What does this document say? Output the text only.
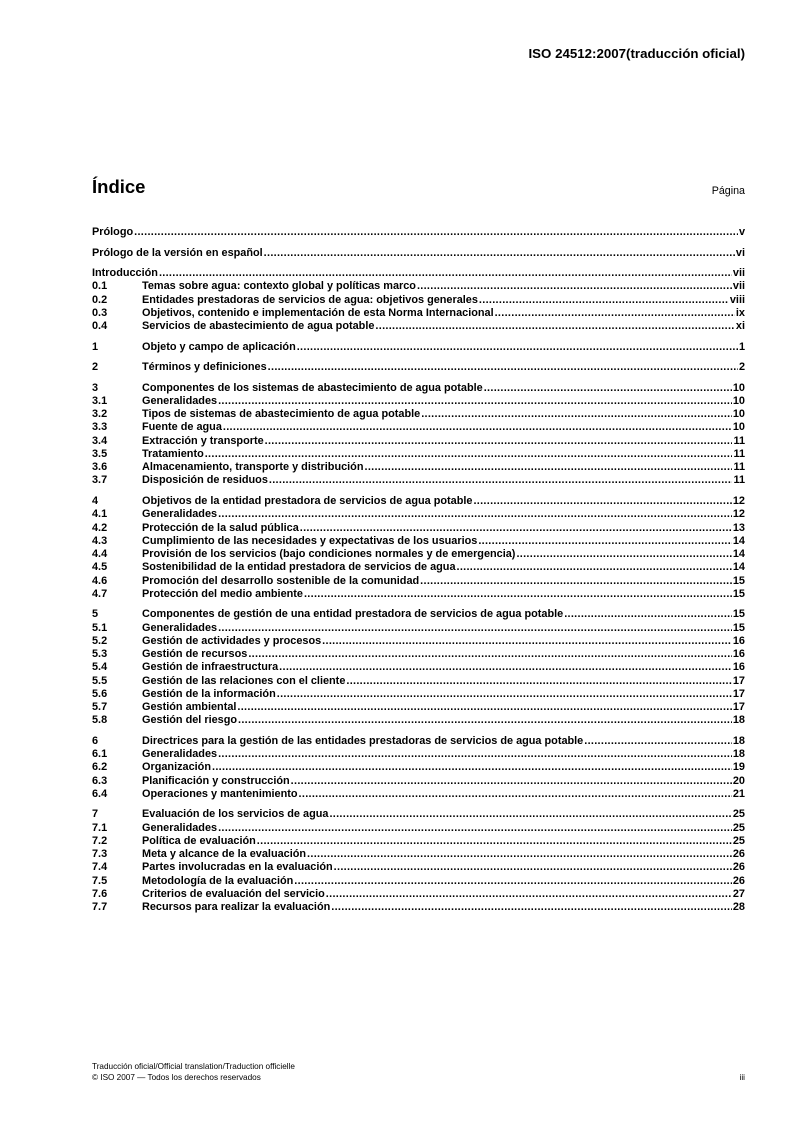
ISO 24512:2007(traducción oficial)
Índice	Página
Prólogo .....	v
Prólogo de la versión en español .....	vi
Introducción .....	vii
0.1	Temas sobre agua: contexto global y políticas marco .....	vii
0.2	Entidades prestadoras de servicios de agua: objetivos generales .....	viii
0.3	Objetivos, contenido e implementación de esta Norma Internacional .....	ix
0.4	Servicios de abastecimiento de agua potable .....	xi
1	Objeto y campo de aplicación .....	1
2	Términos y definiciones .....	2
3	Componentes de los sistemas de abastecimiento de agua potable .....	10
3.1	Generalidades .....	10
3.2	Tipos de sistemas de abastecimiento de agua potable .....	10
3.3	Fuente de agua .....	10
3.4	Extracción y transporte .....	11
3.5	Tratamiento .....	11
3.6	Almacenamiento, transporte y distribución .....	11
3.7	Disposición de residuos .....	11
4	Objetivos de la entidad prestadora de servicios de agua potable .....	12
4.1	Generalidades .....	12
4.2	Protección de la salud pública .....	13
4.3	Cumplimiento de las necesidades y expectativas de los usuarios .....	14
4.4	Provisión de los servicios (bajo condiciones normales y de emergencia) .....	14
4.5	Sostenibilidad de la entidad prestadora de servicios de agua .....	14
4.6	Promoción del desarrollo sostenible de la comunidad .....	15
4.7	Protección del medio ambiente .....	15
5	Componentes de gestión de una entidad prestadora de servicios de agua potable .....	15
5.1	Generalidades .....	15
5.2	Gestión de actividades y procesos .....	16
5.3	Gestión de recursos .....	16
5.4	Gestión de infraestructura .....	16
5.5	Gestión de las relaciones con el cliente .....	17
5.6	Gestión de la información .....	17
5.7	Gestión ambiental .....	17
5.8	Gestión del riesgo .....	18
6	Directrices para la gestión de las entidades prestadoras de servicios de agua potable .....	18
6.1	Generalidades .....	18
6.2	Organización .....	19
6.3	Planificación y construcción .....	20
6.4	Operaciones y mantenimiento .....	21
7	Evaluación de los servicios de agua .....	25
7.1	Generalidades .....	25
7.2	Política de evaluación .....	25
7.3	Meta y alcance de la evaluación .....	26
7.4	Partes involucradas en la evaluación .....	26
7.5	Metodología de la evaluación .....	26
7.6	Criterios de evaluación del servicio .....	27
7.7	Recursos para realizar la evaluación .....	28
Traducción oficial/Official translation/Traduction officielle
© ISO 2007 — Todos los derechos reservados	iii
